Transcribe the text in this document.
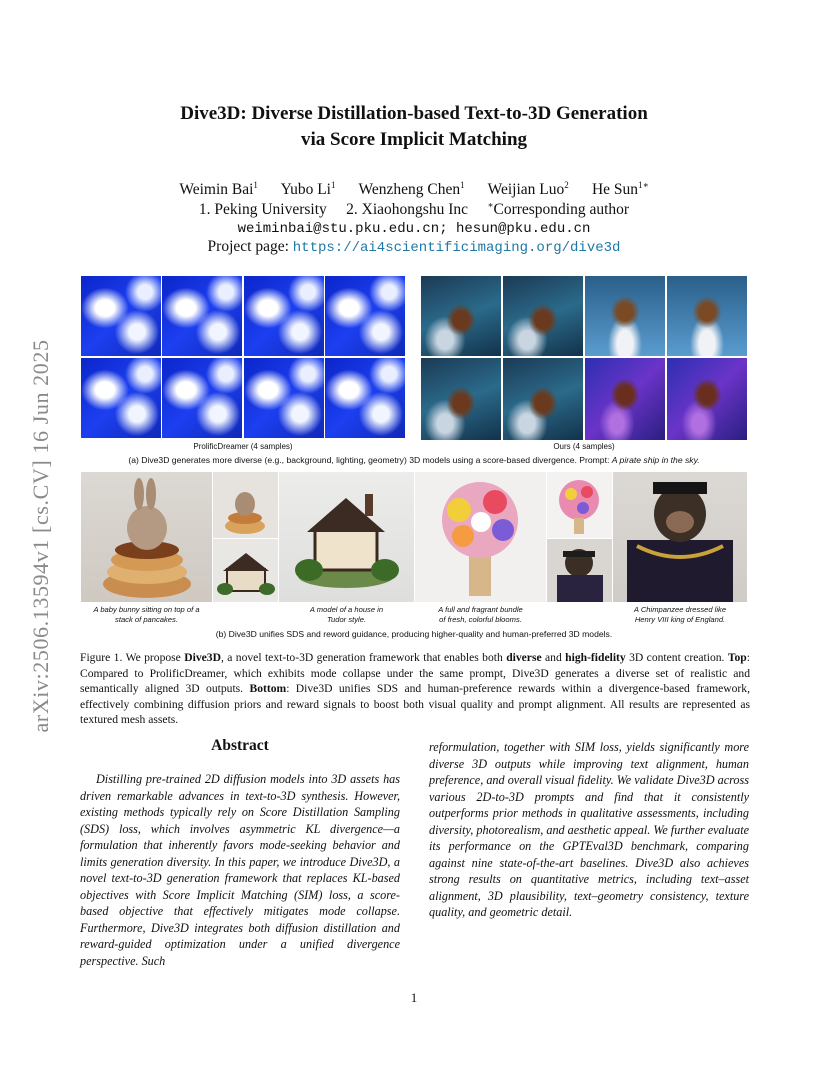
arXiv:2506.13594v1 [cs.CV] 16 Jun 2025
Dive3D: Diverse Distillation-based Text-to-3D Generation
via Score Implicit Matching
Weimin Bai$^1$ Yubo Li$^1$ Wenzheng Chen$^1$ Weijian Luo$^2$ He Sun$^{1∗}$
1. Peking University 2. Xiaohongshu Inc ∗Corresponding author
weiminbai@stu.pku.edu.cn; hesun@pku.edu.cn
Project page: https://ai4scientificimaging.org/dive3d
ProlificDreamer (4 samples)	Ours (4 samples)
(a) Dive3D generates more diverse (e.g., background, lighting, geometry) 3D models using a score-based divergence. Prompt: A pirate ship in the sky.
A baby bunny sitting on top of a
stack of pancakes.
A model of a house in
Tudor style.
A full and fragrant bundle
of fresh, colorful blooms.
A Chimpanzee dressed like
Henry VIII king of England.
(b) Dive3D unifies SDS and reword guidance, producing higher-quality and human-preferred 3D models.
Figure 1. We propose Dive3D, a novel text-to-3D generation framework that enables both diverse and high-fidelity 3D content creation. Top: Compared to ProlificDreamer, which exhibits mode collapse under the same prompt, Dive3D generates a diverse set of realistic and semantically aligned 3D outputs. Bottom: Dive3D unifies SDS and human-preference rewards within a divergence-based framework, effectively combining diffusion priors and reward signals to boost both visual quality and prompt alignment. All results are represented as textured mesh assets.
Abstract
Distilling pre-trained 2D diffusion models into 3D assets has driven remarkable advances in text-to-3D synthesis. However, existing methods typically rely on Score Distillation Sampling (SDS) loss, which involves asymmetric KL divergence—a formulation that inherently favors mode-seeking behavior and limits generation diversity. In this paper, we introduce Dive3D, a novel text-to-3D generation framework that replaces KL-based objectives with Score Implicit Matching (SIM) loss, a score-based objective that effectively mitigates mode collapse. Furthermore, Dive3D integrates both diffusion distillation and reward-guided optimization under a unified divergence perspective. Such
reformulation, together with SIM loss, yields significantly more diverse 3D outputs while improving text alignment, human preference, and overall visual fidelity. We validate Dive3D across various 2D-to-3D prompts and find that it consistently outperforms prior methods in qualitative assessments, including diversity, photorealism, and aesthetic appeal. We further evaluate its performance on the GPTEval3D benchmark, comparing against nine state-of-the-art baselines. Dive3D also achieves strong results on quantitative metrics, including text–asset alignment, 3D plausibility, text–geometry consistency, texture quality, and geometric detail.
1
